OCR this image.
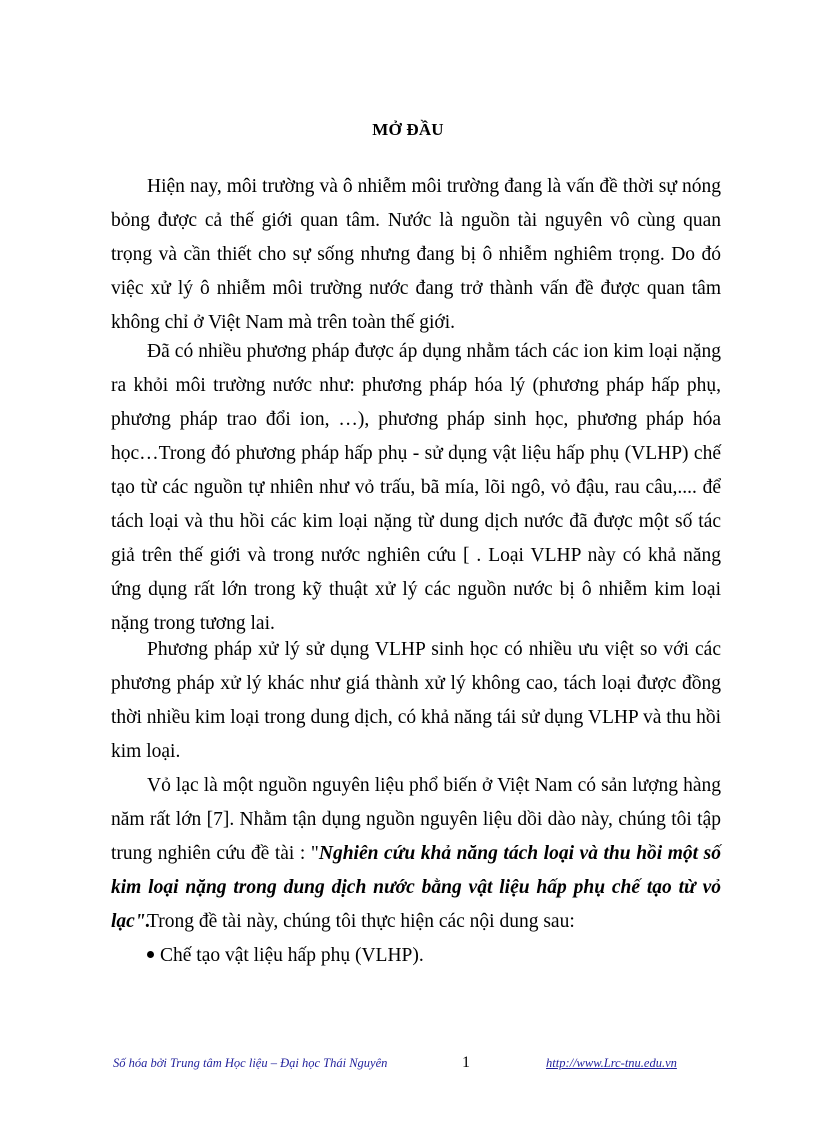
MỞ ĐẦU

Hiện nay, môi trường và ô nhiễm môi trường đang là vấn đề thời sự nóng bỏng được cả thế giới quan tâm. Nước là nguồn tài nguyên vô cùng quan trọng và cần thiết cho sự sống nhưng đang bị ô nhiễm nghiêm trọng. Do đó việc xử lý ô nhiễm môi trường nước đang trở thành vấn đề được quan tâm không chỉ ở Việt Nam mà trên toàn thế giới.

Đã có nhiều phương pháp được áp dụng nhằm tách các ion kim loại nặng ra khỏi môi trường nước như: phương pháp hóa lý (phương pháp hấp phụ, phương pháp trao đổi ion, …), phương pháp sinh học, phương pháp hóa học…Trong đó phương pháp hấp phụ - sử dụng vật liệu hấp phụ (VLHP) chế tạo từ các nguồn tự nhiên như vỏ trấu, bã mía, lõi ngô, vỏ đậu, rau câu,.... để tách loại và thu hồi các kim loại nặng từ dung dịch nước đã được một số tác giả trên thế giới và trong nước nghiên cứu [ . Loại VLHP này có khả năng ứng dụng rất lớn trong kỹ thuật xử lý các nguồn nước bị ô nhiễm kim loại nặng trong tương lai.

Phương pháp xử lý sử dụng VLHP sinh học có nhiều ưu việt so với các phương pháp xử lý khác như giá thành xử lý không cao, tách loại được đồng thời nhiều kim loại trong dung dịch, có khả năng tái sử dụng VLHP và thu hồi kim loại.

Vỏ lạc là một nguồn nguyên liệu phổ biến ở Việt Nam có sản lượng hàng năm rất lớn [7]. Nhằm tận dụng nguồn nguyên liệu dồi dào này, chúng tôi tập trung nghiên cứu đề tài : "Nghiên cứu khả năng tách loại và thu hồi một số kim loại nặng trong dung dịch nước bằng vật liệu hấp phụ chế tạo từ vỏ lạc".

Trong đề tài này, chúng tôi thực hiện các nội dung sau:

Chế tạo vật liệu hấp phụ (VLHP).
Số hóa bởi Trung tâm Học liệu – Đại học Thái Nguyên	1	http://www.Lrc-tnu.edu.vn
